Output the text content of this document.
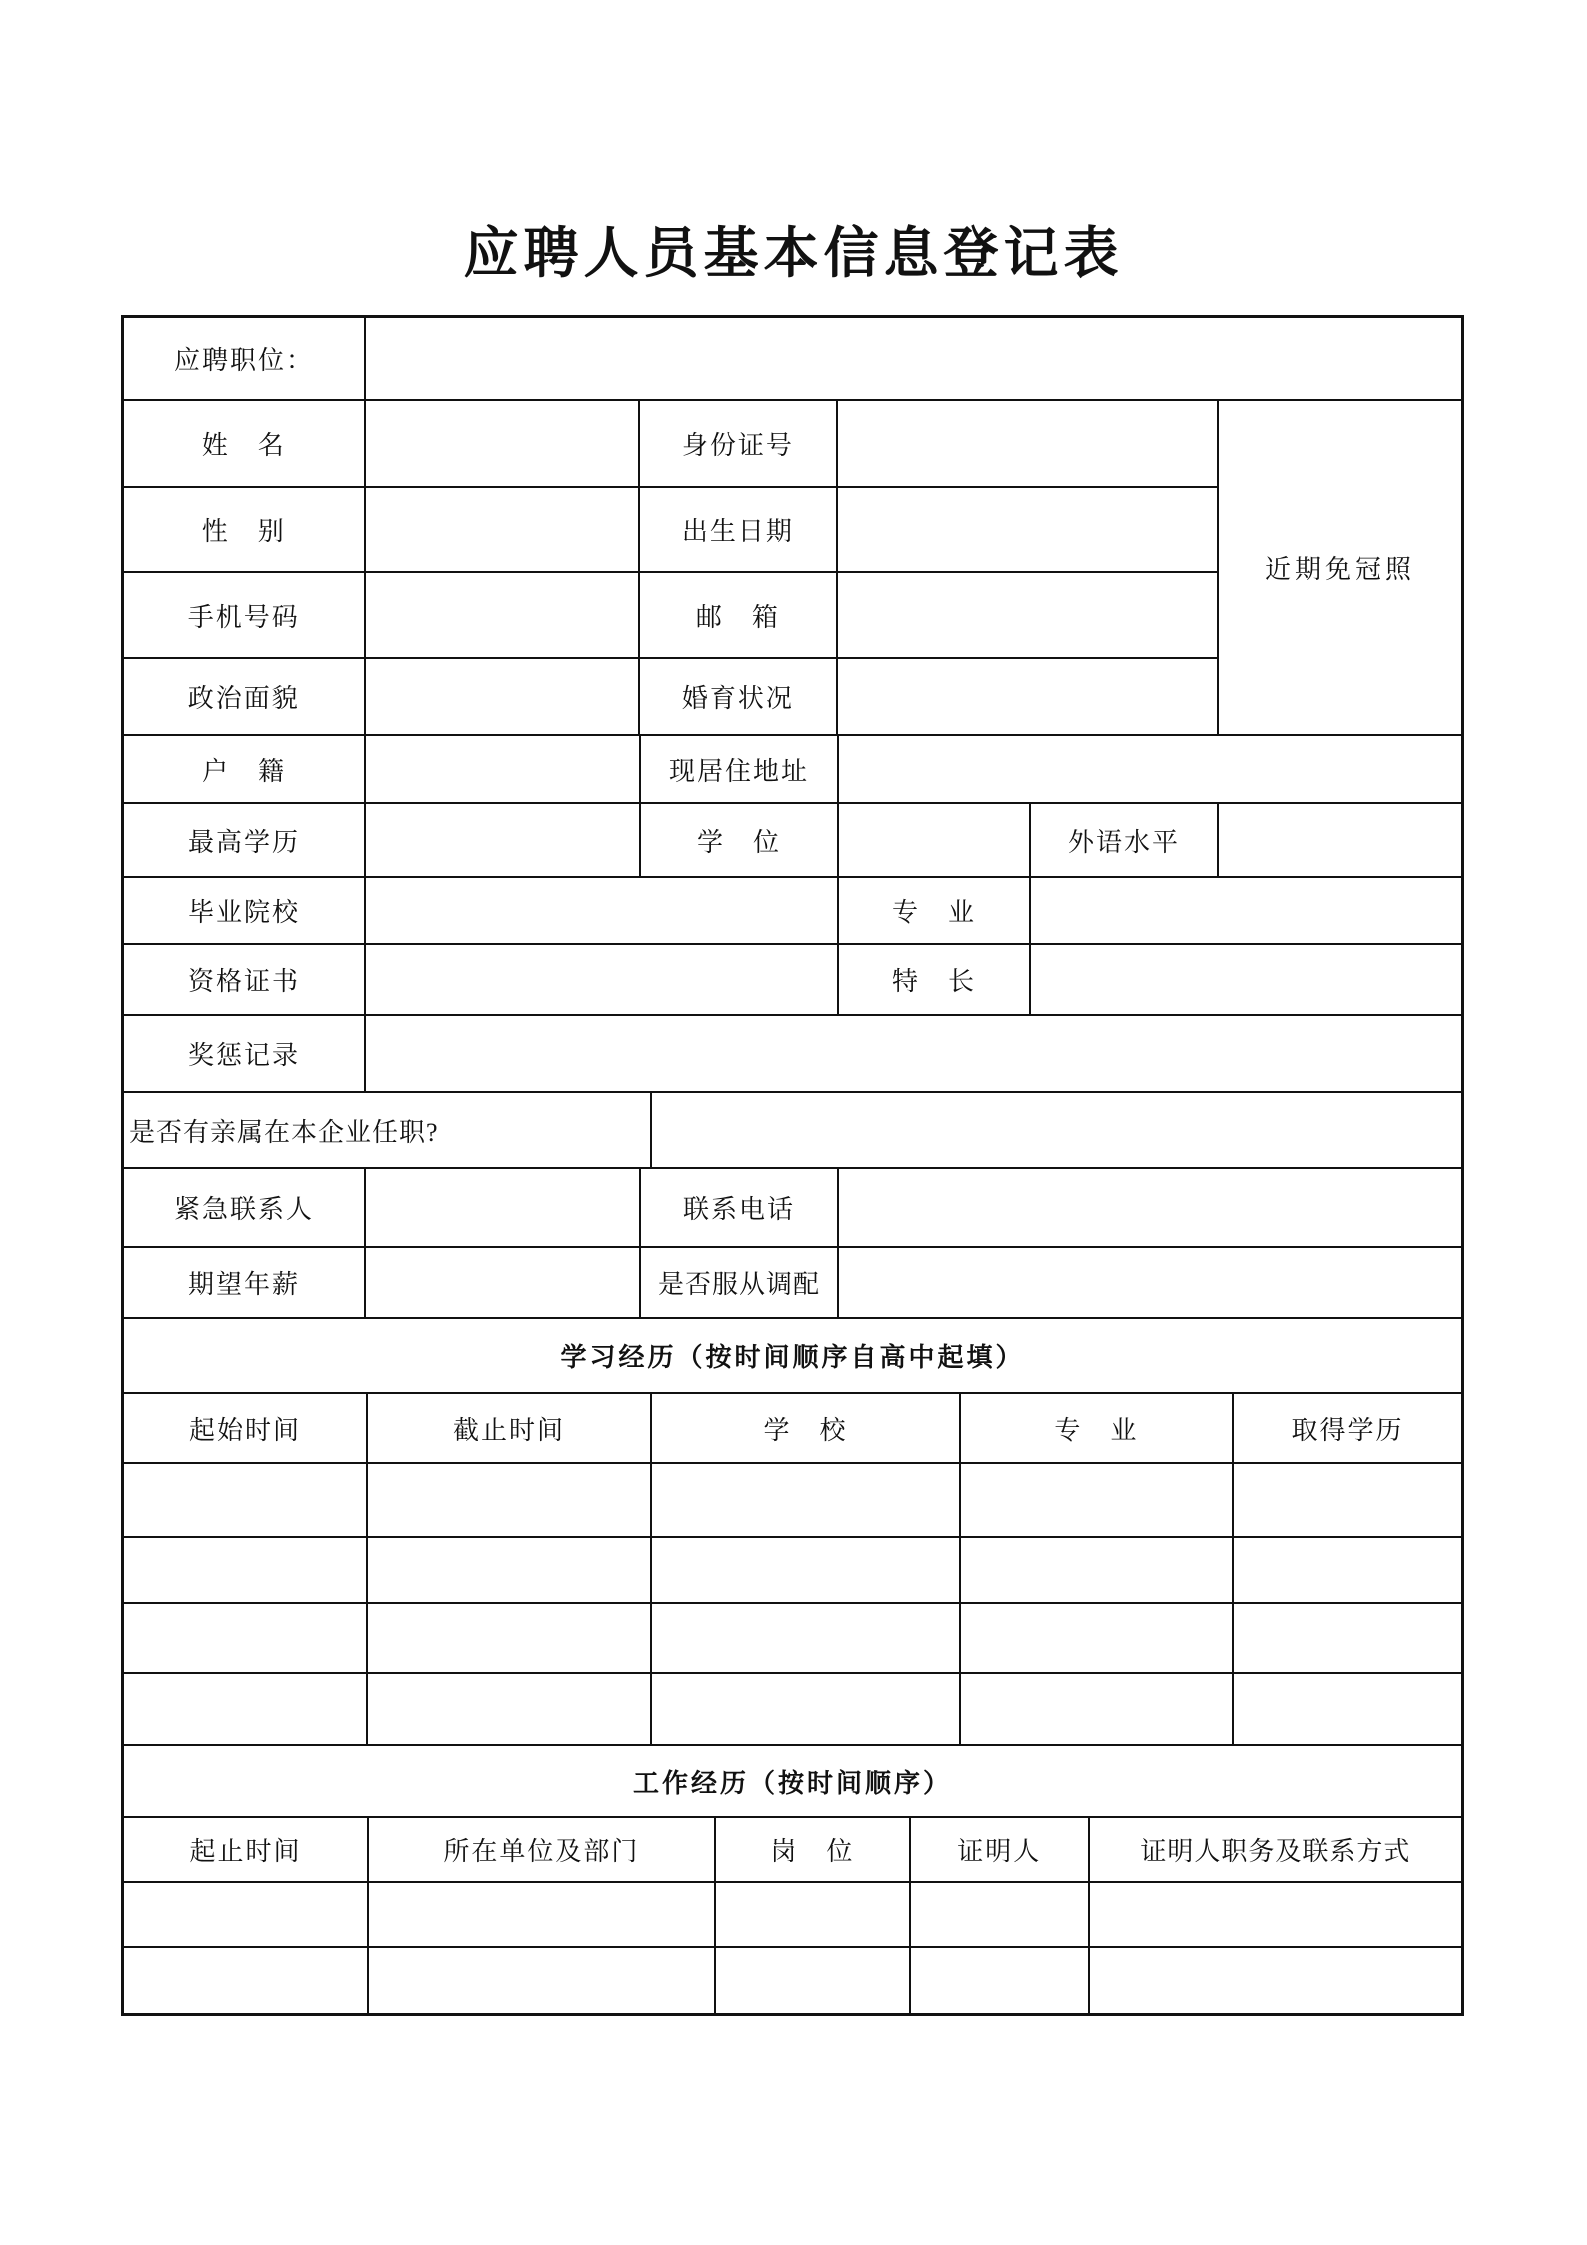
应聘人员基本信息登记表
应聘职位：
姓　名	身份证号
性　别	出生日期
手机号码	邮　箱
政治面貌	婚育状况
近期免冠照
户　籍	现居住地址
最高学历	学　位	外语水平
毕业院校	专　业
资格证书	特　长
奖惩记录
是否有亲属在本企业任职?
紧急联系人	联系电话
期望年薪	是否服从调配
学习经历（按时间顺序自高中起填）
起始时间	截止时间	学　校	专　业	取得学历
工作经历（按时间顺序）
起止时间	所在单位及部门	岗　位	证明人	证明人职务及联系方式
